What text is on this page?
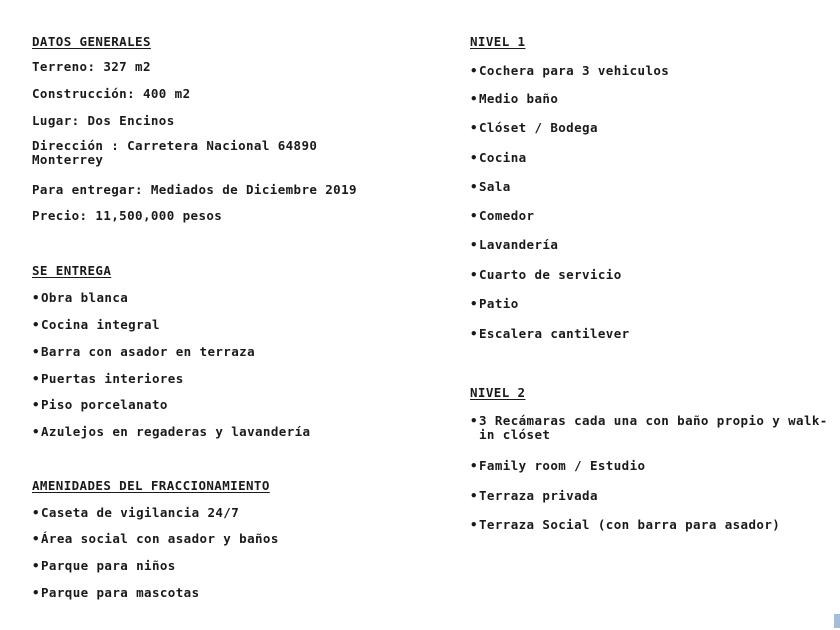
DATOS GENERALES

Terreno: 327 m2

Construcción: 400 m2

Lugar: Dos Encinos

Dirección : Carretera Nacional 64890

Monterrey

Para entregar: Mediados de Diciembre 2019

Precio: 11,500,000 pesos

SE ENTREGA

• Obra blanca
• Cocina integral
• Barra con asador en terraza
• Puertas interiores
• Piso porcelanato
• Azulejos en regaderas y lavandería

AMENIDADES DEL FRACCIONAMIENTO

• Caseta de vigilancia 24/7
• Área social con asador y baños
• Parque para niños
• Parque para mascotas

NIVEL 1

• Cochera para 3 vehiculos
• Medio baño
• Clóset / Bodega
• Cocina
• Sala
• Comedor
• Lavandería
• Cuarto de servicio
• Patio
• Escalera cantilever

NIVEL 2

• 3 Recámaras cada una con baño propio y walk-in clóset
• Family room / Estudio
• Terraza privada
• Terraza Social (con barra para asador)
